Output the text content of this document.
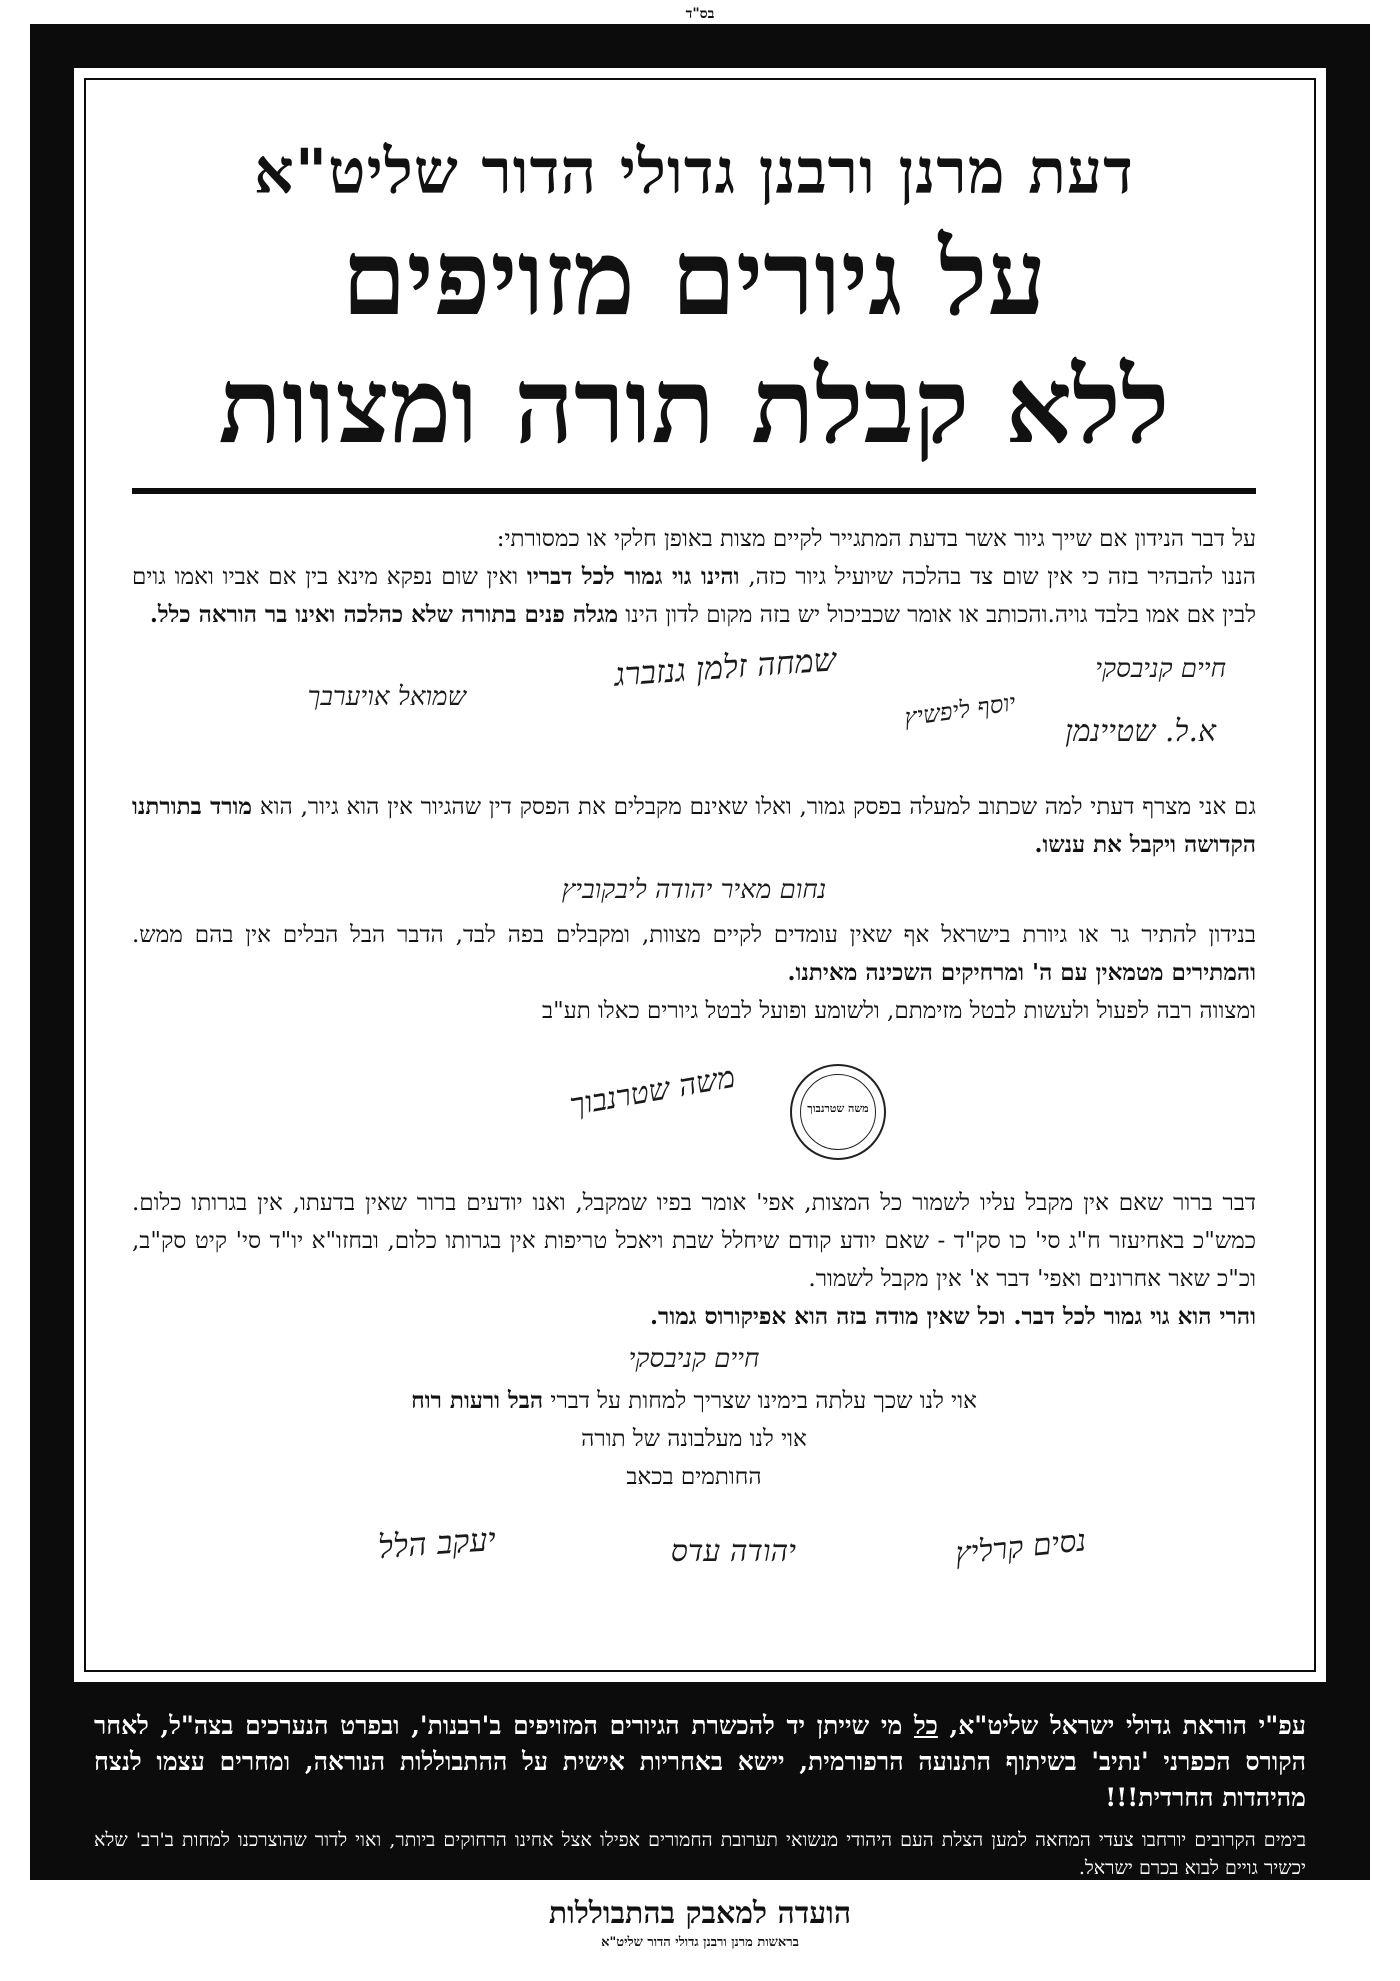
בס"ד
דעת מרנן ורבנן גדולי הדור שליט"א
על גיורים מזויפים
ללא קבלת תורה ומצוות
על דבר הנידון אם שייך גיור אשר בדעת המתגייר לקיים מצות באופן חלקי או כמסורתי:
הננו להבהיר בזה כי אין שום צד בהלכה שיועיל גיור כזה, והינו גוי גמור לכל דבריו ואין שום נפקא מינא בין אם אביו ואמו גוים לבין אם אמו בלבד גויה.והכותב או אומר שכביכול יש בזה מקום לדון הינו מגלה פנים בתורה שלא כהלכה ואינו בר הוראה כלל.
חיים קניבסקי
א.ל. שטיינמן
יוסף ליפשיץ
שמחה זלמן גנזברג
שמואל אויערבך
גם אני מצרף דעתי למה שכתוב למעלה בפסק גמור, ואלו שאינם מקבלים את הפסק דין שהגיור אין הוא גיור, הוא מורד בתורתנו הקדושה ויקבל את ענשו.
נחום מאיר יהודה ליבקוביץ
בנידון להתיר גר או גיורת בישראל אף שאין עומדים לקיים מצוות, ומקבלים בפה לבד, הדבר הבל הבלים אין בהם ממש. והמתירים מטמאין עם ה' ומרחיקים השכינה מאיתנו.
ומצווה רבה לפעול ולעשות לבטל מזימתם, ולשומע ופועל לבטל גיורים כאלו תע"ב
משה שטרנבוך	משה שטרנבוך
דבר ברור שאם אין מקבל עליו לשמור כל המצות, אפי' אומר בפיו שמקבל, ואנו יודעים ברור שאין בדעתו, אין בגרותו כלום. כמש"כ באחיעזר ח"ג סי' כו סק"ד - שאם יודע קודם שיחלל שבת ויאכל טריפות אין בגרותו כלום, ובחזו"א יו"ד סי' קיט סק"ב, וכ"כ שאר אחרונים ואפי' דבר א' אין מקבל לשמור.
והרי הוא גוי גמור לכל דבר. וכל שאין מודה בזה הוא אפיקורוס גמור.
חיים קניבסקי
אוי לנו שכך עלתה בימינו שצריך למחות על דברי הבל ורעות רוח
אוי לנו מעלבונה של תורה
החותמים בכאב
נסים קרליץ
יהודה עדס
יעקב הלל
עפ"י הוראת גדולי ישראל שליט"א, כל מי שייתן יד להכשרת הגיורים המזויפים ב'רבנות', ובפרט הנערכים בצה"ל, לאחר הקורס הכפרני 'נתיב' בשיתוף התנועה הרפורמית, יישא באחריות אישית על ההתבוללות הנוראה, ומחרים עצמו לנצח מהיהדות החרדית!!!
בימים הקרובים יורחבו צעדי המחאה למען הצלת העם היהודי מנשואי תערובת החמורים אפילו אצל אחינו הרחוקים ביותר, ואוי לדור שהוצרכנו למחות ב'רב' שלא יכשיר גויים לבוא בכרם ישראל.
הועדה למאבק בהתבוללות
בראשות מרנן ורבנן גדולי הדור שליט"א
